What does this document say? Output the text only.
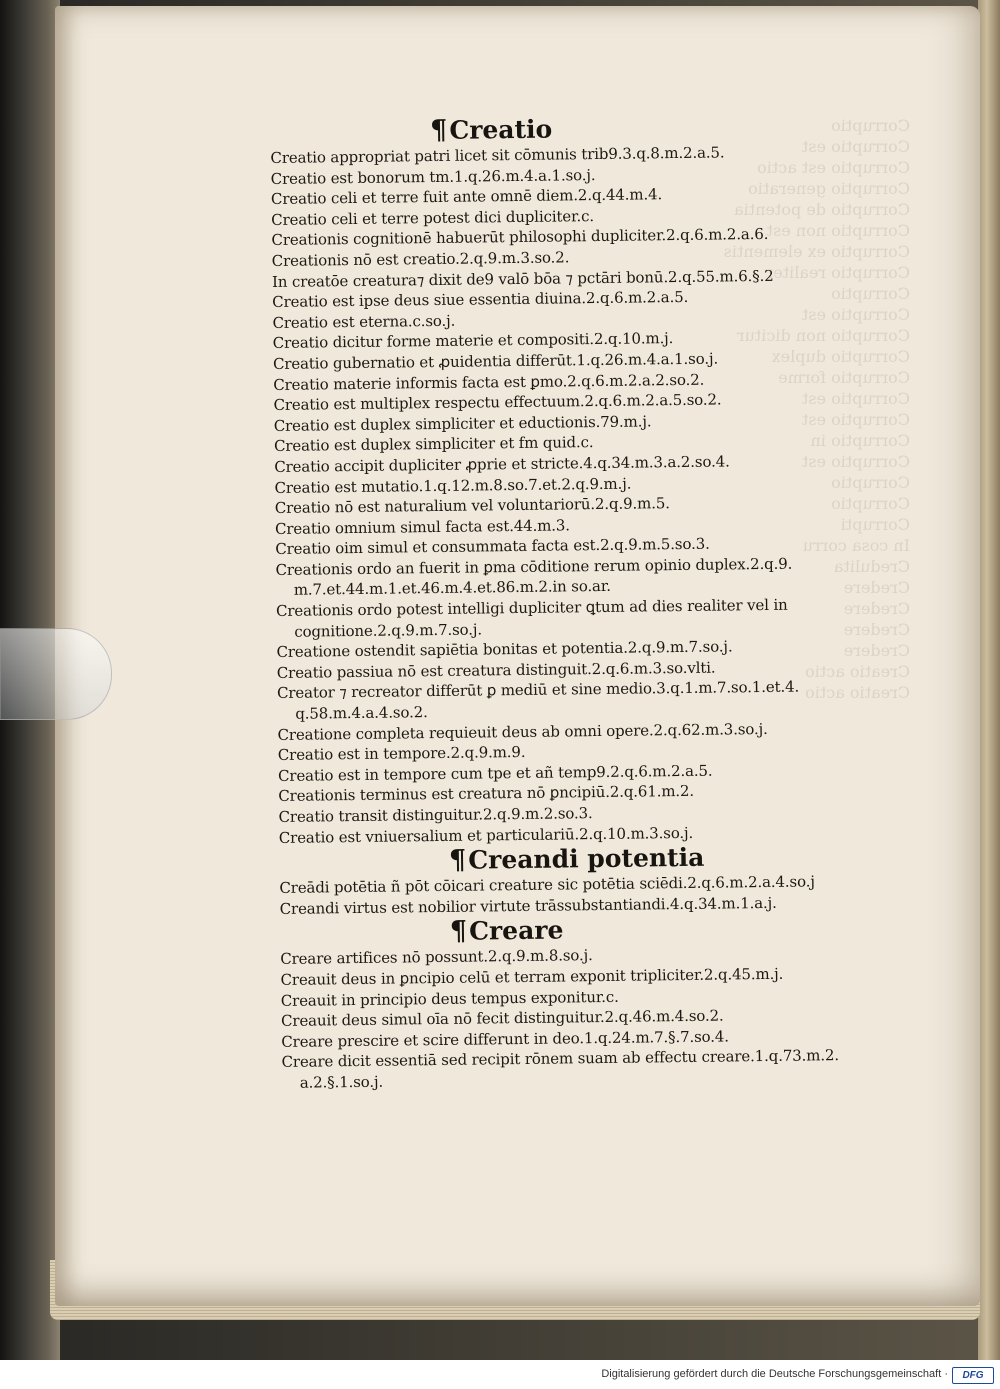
Corruptio
Corruptio est
Corruptio est actio
Corruptio generatio
Corruptio de potentia
Corruptio non est
Corruptio ex elementis
Corruptio realiter
Corruptio
Corruptio est
Corruptio non dicitur
Corruptio duplex
Corruptio forme
Corruptio est
Corruptio est
Corruptio in
Corruptio est
Corruptio
Corruptio
Corrupti
In cosa corru
Credulita
Credere
Credere
Credere
Credere
Creatio actio
Creatio actio
¶Creatio
Creatio appropriat patri licet sit cōmunis trib9.3.q.8.m.2.a.5.
Creatio est bonorum tm.1.q.26.m.4.a.1.so.j.
Creatio celi et terre fuit ante omnē diem.2.q.44.m.4.
Creatio celi et terre potest dici dupliciter.c.
Creationis cognitionē habuerūt philosophi dupliciter.2.q.6.m.2.a.6.
Creationis nō est creatio.2.q.9.m.3.so.2.
In creatōe creatura⁊ dixit de9 valō bōa ⁊ pctāri bonū.2.q.55.m.6.§.2
Creatio est ipse deus siue essentia diuina.2.q.6.m.2.a.5.
Creatio est eterna.c.so.j.
Creatio dicitur forme materie et compositi.2.q.10.m.j.
Creatio gubernatio et ꝓuidentia differūt.1.q.26.m.4.a.1.so.j.
Creatio materie informis facta est ꝑmo.2.q.6.m.2.a.2.so.2.
Creatio est multiplex respectu effectuum.2.q.6.m.2.a.5.so.2.
Creatio est duplex simpliciter et eductionis.79.m.j.
Creatio est duplex simpliciter et fm quid.c.
Creatio accipit dupliciter ꝓprie et stricte.4.q.34.m.3.a.2.so.4.
Creatio est mutatio.1.q.12.m.8.so.7.et.2.q.9.m.j.
Creatio nō est naturalium vel voluntariorū.2.q.9.m.5.
Creatio omnium simul facta est.44.m.3.
Creatio oim simul et consummata facta est.2.q.9.m.5.so.3.
Creationis ordo an fuerit in ꝑma cōditione rerum opinio duplex.2.q.9.
m.7.et.44.m.1.et.46.m.4.et.86.m.2.in so.ar.
Creationis ordo potest intelligi dupliciter ꝗtum ad dies realiter vel in
cognitione.2.q.9.m.7.so.j.
Creatione ostendit sapiētia bonitas et potentia.2.q.9.m.7.so.j.
Creatio passiua nō est creatura distinguit.2.q.6.m.3.so.vlti.
Creator ⁊ recreator differūt ꝑ mediū et sine medio.3.q.1.m.7.so.1.et.4.
q.58.m.4.a.4.so.2.
Creatione completa requieuit deus ab omni opere.2.q.62.m.3.so.j.
Creatio est in tempore.2.q.9.m.9.
Creatio est in tempore cum tpe et añ temp9.2.q.6.m.2.a.5.
Creationis terminus est creatura nō ꝑncipiū.2.q.61.m.2.
Creatio transit distinguitur.2.q.9.m.2.so.3.
Creatio est vniuersalium et particulariū.2.q.10.m.3.so.j.
¶Creandi potentia
Creādi potētia ñ pōt cōicari creature sic potētia sciēdi.2.q.6.m.2.a.4.so.j
Creandi virtus est nobilior virtute trāssubstantiandi.4.q.34.m.1.a.j.
¶Creare
Creare artifices nō possunt.2.q.9.m.8.so.j.
Creauit deus in ꝑncipio celū et terram exponit tripliciter.2.q.45.m.j.
Creauit in principio deus tempus exponitur.c.
Creauit deus simul oīa nō fecit distinguitur.2.q.46.m.4.so.2.
Creare prescire et scire differunt in deo.1.q.24.m.7.§.7.so.4.
Creare dicit essentiā sed recipit rōnem suam ab effectu creare.1.q.73.m.2.
a.2.§.1.so.j.
Digitalisierung gefördert durch die Deutsche Forschungsgemeinschaft ·	DFG
